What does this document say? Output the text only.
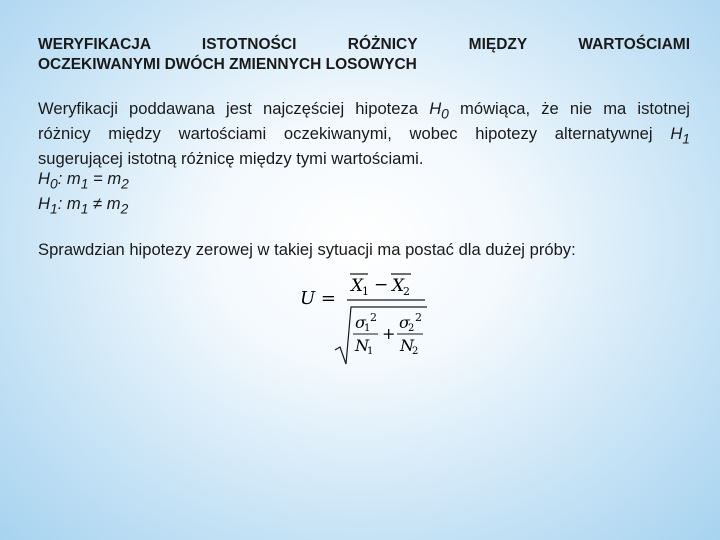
WERYFIKACJA ISTOTNOŚCI RÓŻNICY MIĘDZY WARTOŚCIAMI
OCZEKIWANYMI DWÓCH ZMIENNYCH LOSOWYCH
Weryfikacji poddawana jest najczęściej hipoteza $H_0$ mówiąca, że nie ma istotnej
różnicy między wartościami oczekiwanymi, wobec hipotezy alternatywnej $H_1$
sugerującej istotną różnicę między tymi wartościami.
$H_0$: $m_1 = m_2$
$H_1$: $m_1 \ne m_2$
Sprawdzian hipotezy zerowej w takiej sytuacji ma postać dla dużej próby:
U =
X
1 − X
2
σ
1
2
N
1
+
σ
2
2
N
2
